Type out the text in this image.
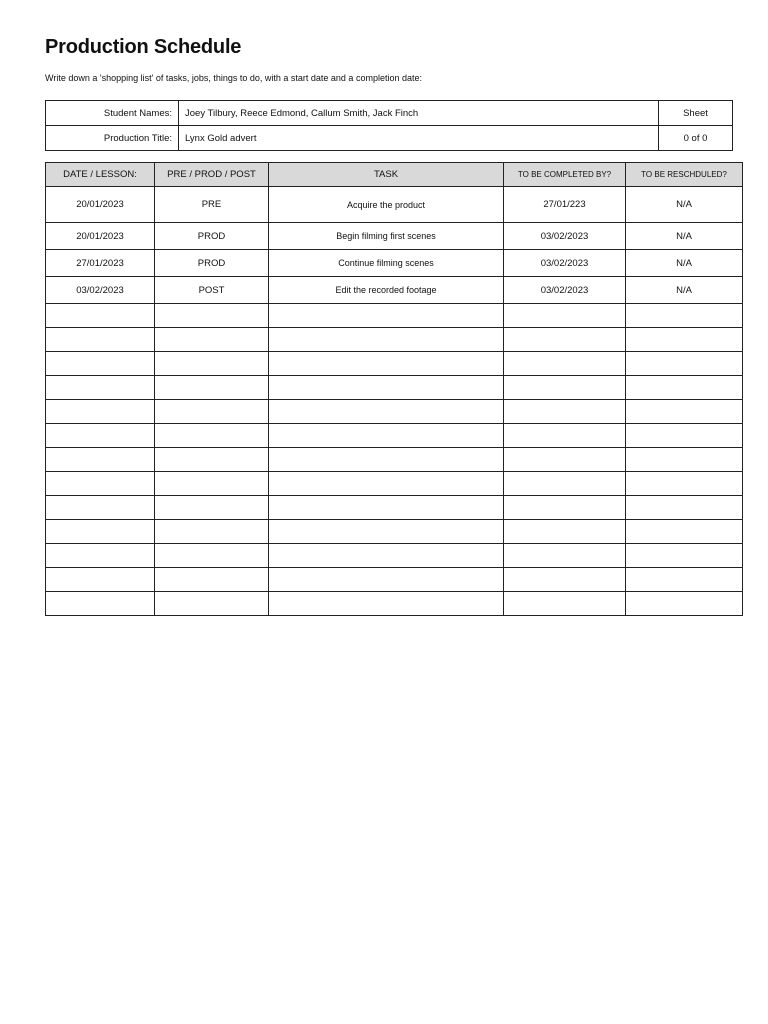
Production Schedule

Write down a 'shopping list' of tasks, jobs, things to do, with a start date and a completion date:

Student Names:	Joey Tilbury, Reece Edmond, Callum Smith, Jack Finch	Sheet
Production Title:	Lynx Gold advert	0 of 0
DATE / LESSON:	PRE / PROD / POST	TASK	TO BE COMPLETED BY?	TO BE RESCHDULED?
20/01/2023	PRE	Acquire the product	27/01/223	N/A
20/01/2023	PROD	Begin filming first scenes	03/02/2023	N/A
27/01/2023	PROD	Continue filming scenes	03/02/2023	N/A
03/02/2023	POST	Edit the recorded footage	03/02/2023	N/A
